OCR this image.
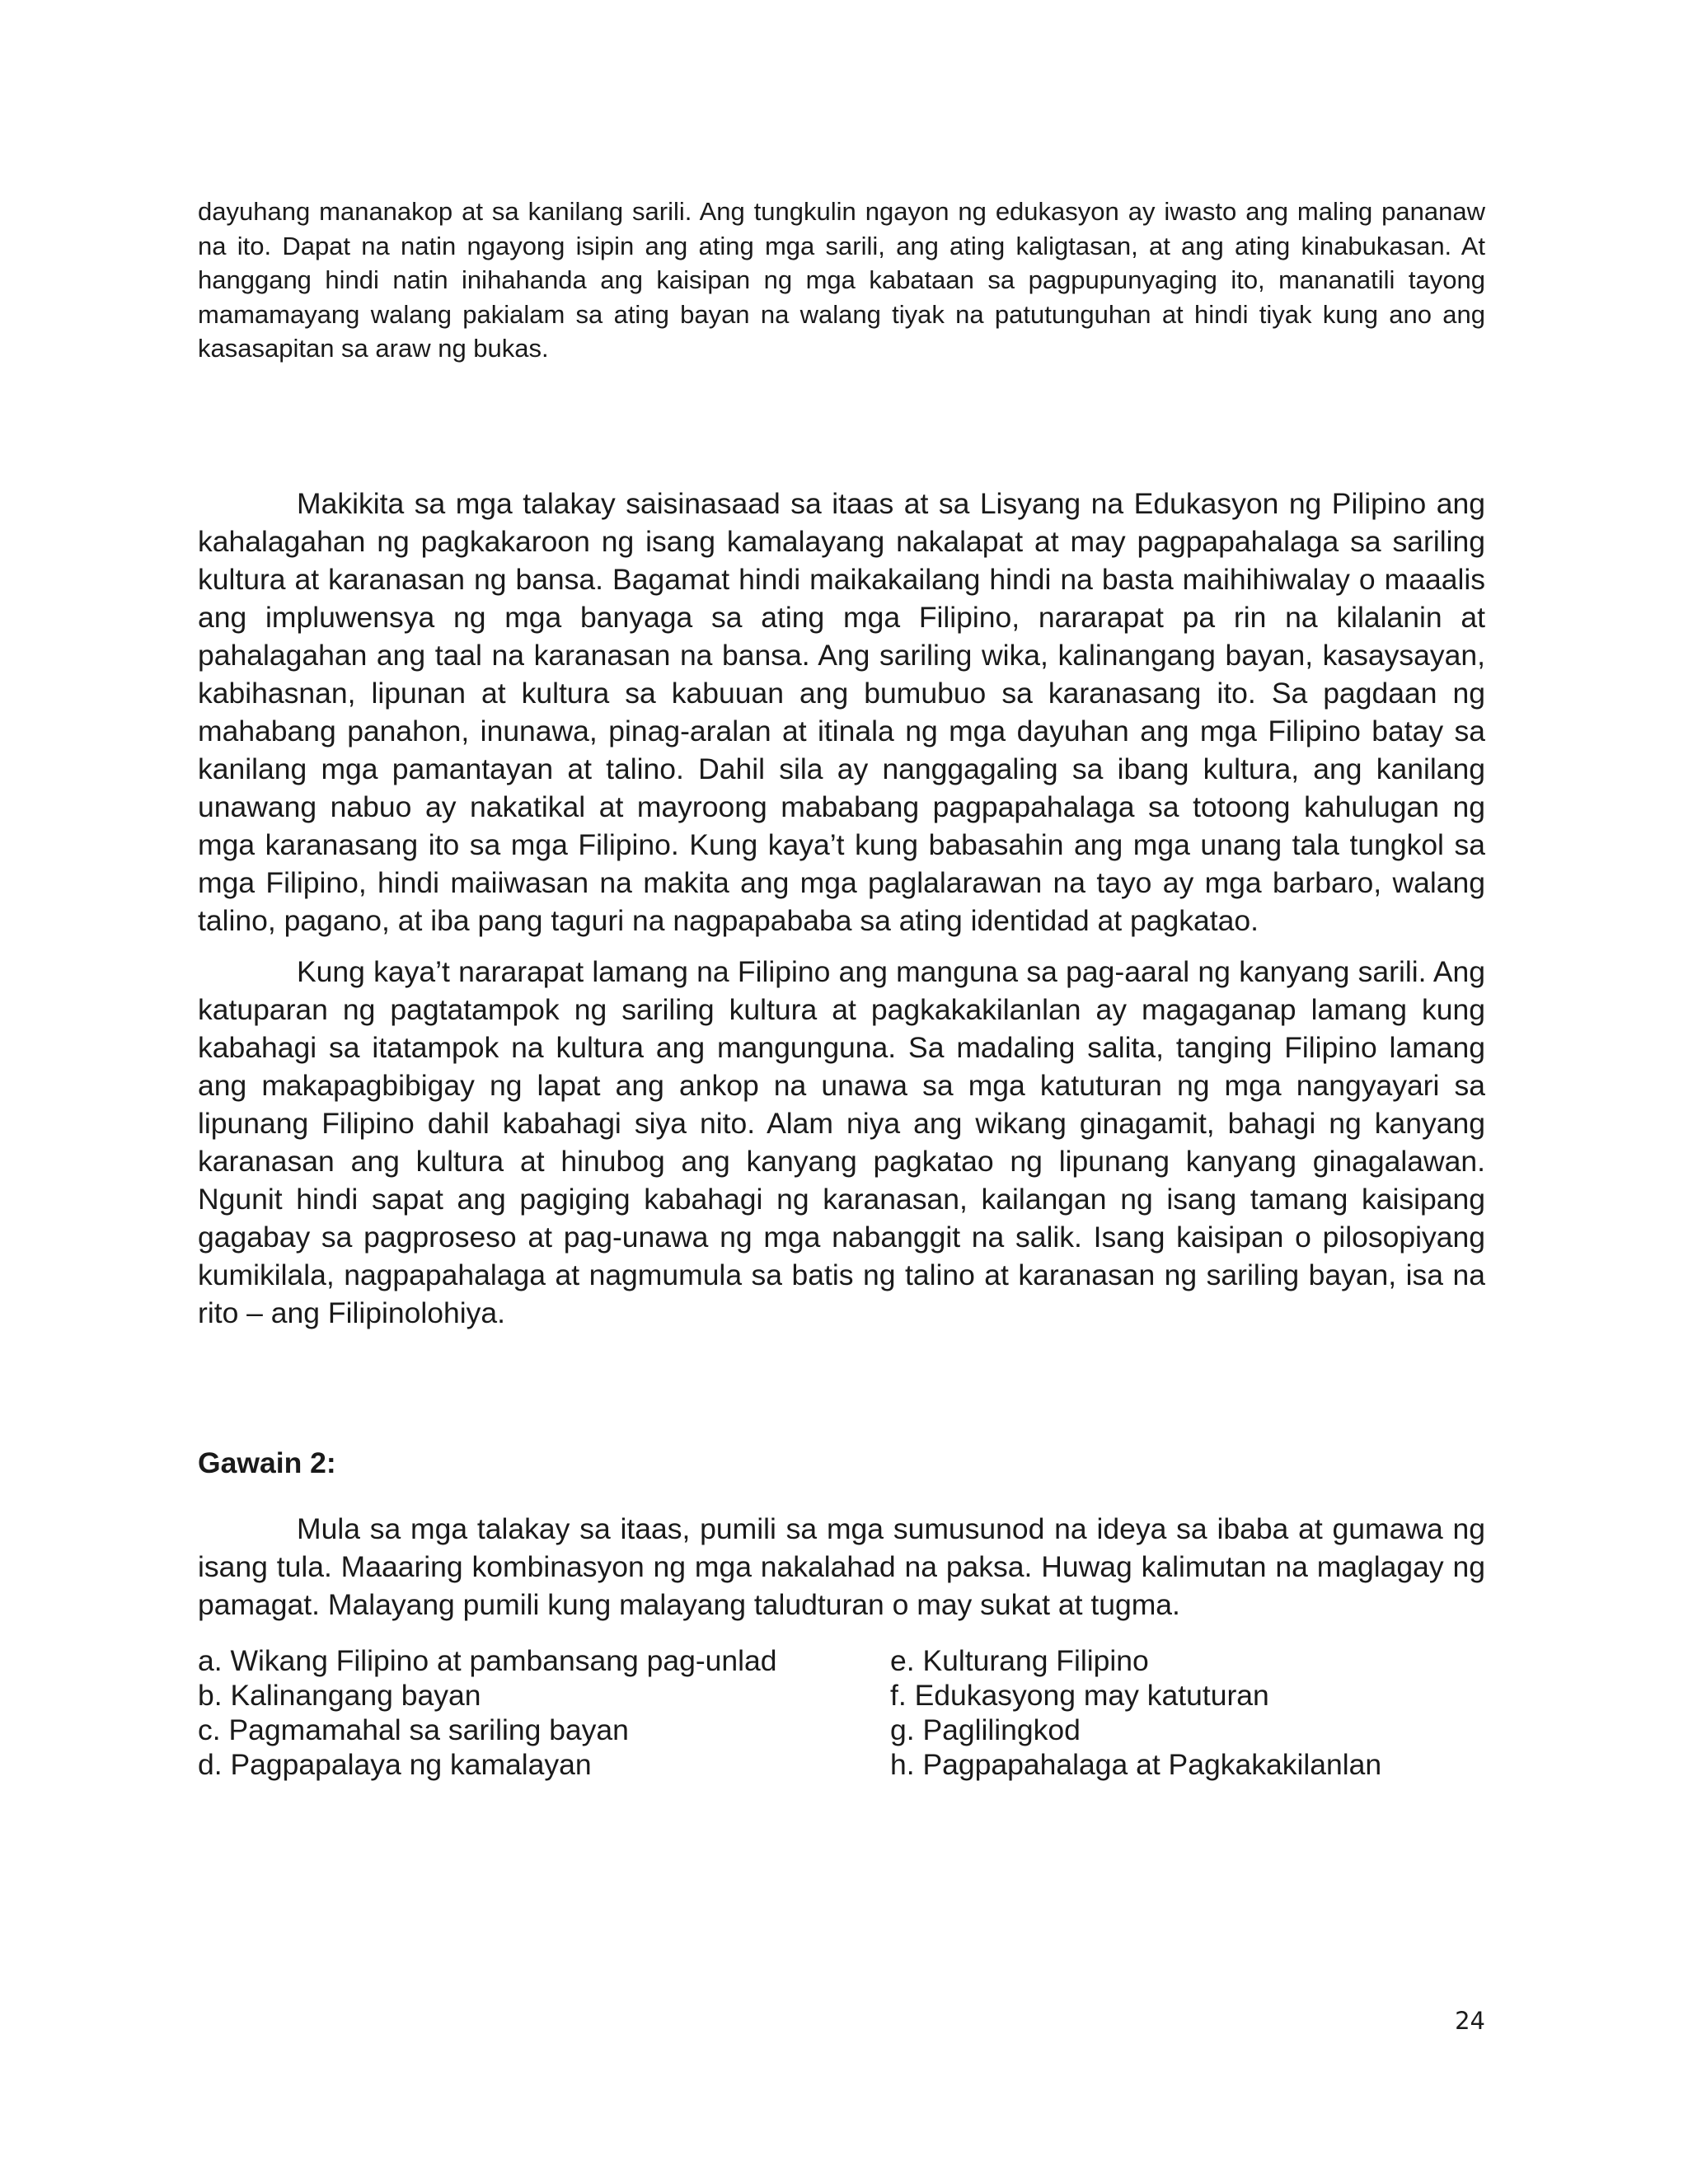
dayuhang mananakop at sa kanilang sarili. Ang tungkulin ngayon ng edukasyon ay iwasto ang maling pananaw na ito. Dapat na natin ngayong isipin ang ating mga sarili, ang ating kaligtasan, at ang ating kinabukasan. At hanggang hindi natin inihahanda ang kaisipan ng mga kabataan sa pagpupunyaging ito, mananatili tayong mamamayang walang pakialam sa ating bayan na walang tiyak na patutunguhan at hindi tiyak kung ano ang kasasapitan sa araw ng bukas.

Makikita sa mga talakay saisinasaad sa itaas at sa Lisyang na Edukasyon ng Pilipino ang kahalagahan ng pagkakaroon ng isang kamalayang nakalapat at may pagpapahalaga sa sariling kultura at karanasan ng bansa. Bagamat hindi maikakailang hindi na basta maihihiwalay o maaalis ang impluwensya ng mga banyaga sa ating mga Filipino, nararapat pa rin na kilalanin at pahalagahan ang taal na karanasan na bansa. Ang sariling wika, kalinangang bayan, kasaysayan, kabihasnan, lipunan at kultura sa kabuuan ang bumubuo sa karanasang ito. Sa pagdaan ng mahabang panahon, inunawa, pinag-aralan at itinala ng mga dayuhan ang mga Filipino batay sa kanilang mga pamantayan at talino. Dahil sila ay nanggagaling sa ibang kultura, ang kanilang unawang nabuo ay nakatikal at mayroong mababang pagpapahalaga sa totoong kahulugan ng mga karanasang ito sa mga Filipino. Kung kaya’t kung babasahin ang mga unang tala tungkol sa mga Filipino, hindi maiiwasan na makita ang mga paglalarawan na tayo ay mga barbaro, walang talino, pagano, at iba pang taguri na nagpapababa sa ating identidad at pagkatao.

Kung kaya’t nararapat lamang na Filipino ang manguna sa pag-aaral ng kanyang sarili. Ang katuparan ng pagtatampok ng sariling kultura at pagkakakilanlan ay magaganap lamang kung kabahagi sa itatampok na kultura ang mangunguna. Sa madaling salita, tanging Filipino lamang ang makapagbibigay ng lapat ang ankop na unawa sa mga katuturan ng mga nangyayari sa lipunang Filipino dahil kabahagi siya nito. Alam niya ang wikang ginagamit, bahagi ng kanyang karanasan ang kultura at hinubog ang kanyang pagkatao ng lipunang kanyang ginagalawan. Ngunit hindi sapat ang pagiging kabahagi ng karanasan, kailangan ng isang tamang kaisipang gagabay sa pagproseso at pag-unawa ng mga nabanggit na salik. Isang kaisipan o pilosopiyang kumikilala, nagpapahalaga at nagmumula sa batis ng talino at karanasan ng sariling bayan, isa na rito – ang Filipinolohiya.

Gawain 2:

Mula sa mga talakay sa itaas, pumili sa mga sumusunod na ideya sa ibaba at gumawa ng isang tula. Maaaring kombinasyon ng mga nakalahad na paksa. Huwag kalimutan na maglagay ng pamagat. Malayang pumili kung malayang taludturan o may sukat at tugma.

a. Wikang Filipino at pambansang pag-unlad	e. Kulturang Filipino
b. Kalinangang bayan	f. Edukasyong may katuturan
c. Pagmamahal sa sariling bayan	g. Paglilingkod
d. Pagpapalaya ng kamalayan	h. Pagpapahalaga at Pagkakakilanlan
24
